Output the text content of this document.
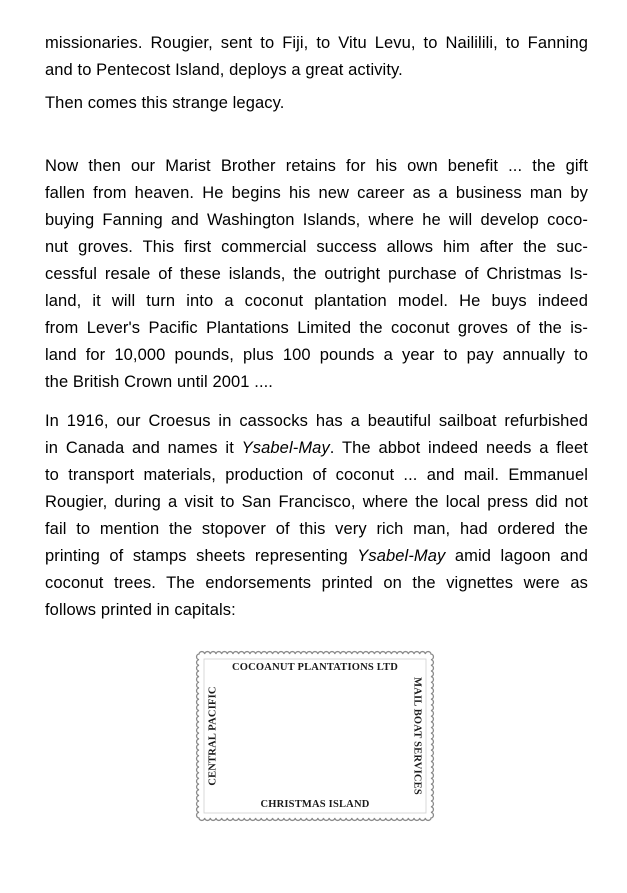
missionaries. Rougier, sent to Fiji, to Vitu Levu, to Naililili, to Fanning
and to Pentecost Island, deploys a great activity.

Then comes this strange legacy.

Now then our Marist Brother retains for his own benefit ... the gift
fallen from heaven. He begins his new career as a business man by
buying Fanning and Washington Islands, where he will develop coco-
nut groves. This first commercial success allows him after the suc-
cessful resale of these islands, the outright purchase of Christmas Is-
land, it will turn into a coconut plantation model. He buys indeed
from Lever's Pacific Plantations Limited the coconut groves of the is-
land for 10,000 pounds, plus 100 pounds a year to pay annually to
the British Crown until 2001 ....

In 1916, our Croesus in cassocks has a beautiful sailboat refurbished
in Canada and names it Ysabel-May. The abbot indeed needs a fleet
to transport materials, production of coconut ... and mail. Emmanuel
Rougier, during a visit to San Francisco, where the local press did not
fail to mention the stopover of this very rich man, had ordered the
printing of stamps sheets representing Ysabel-May amid lagoon and
coconut trees. The endorsements printed on the vignettes were as
follows printed in capitals:

COCOANUT PLANTATIONS LTD
CHRISTMAS ISLAND
CENTRAL PACIFIC	MAIL BOAT SERVICES
